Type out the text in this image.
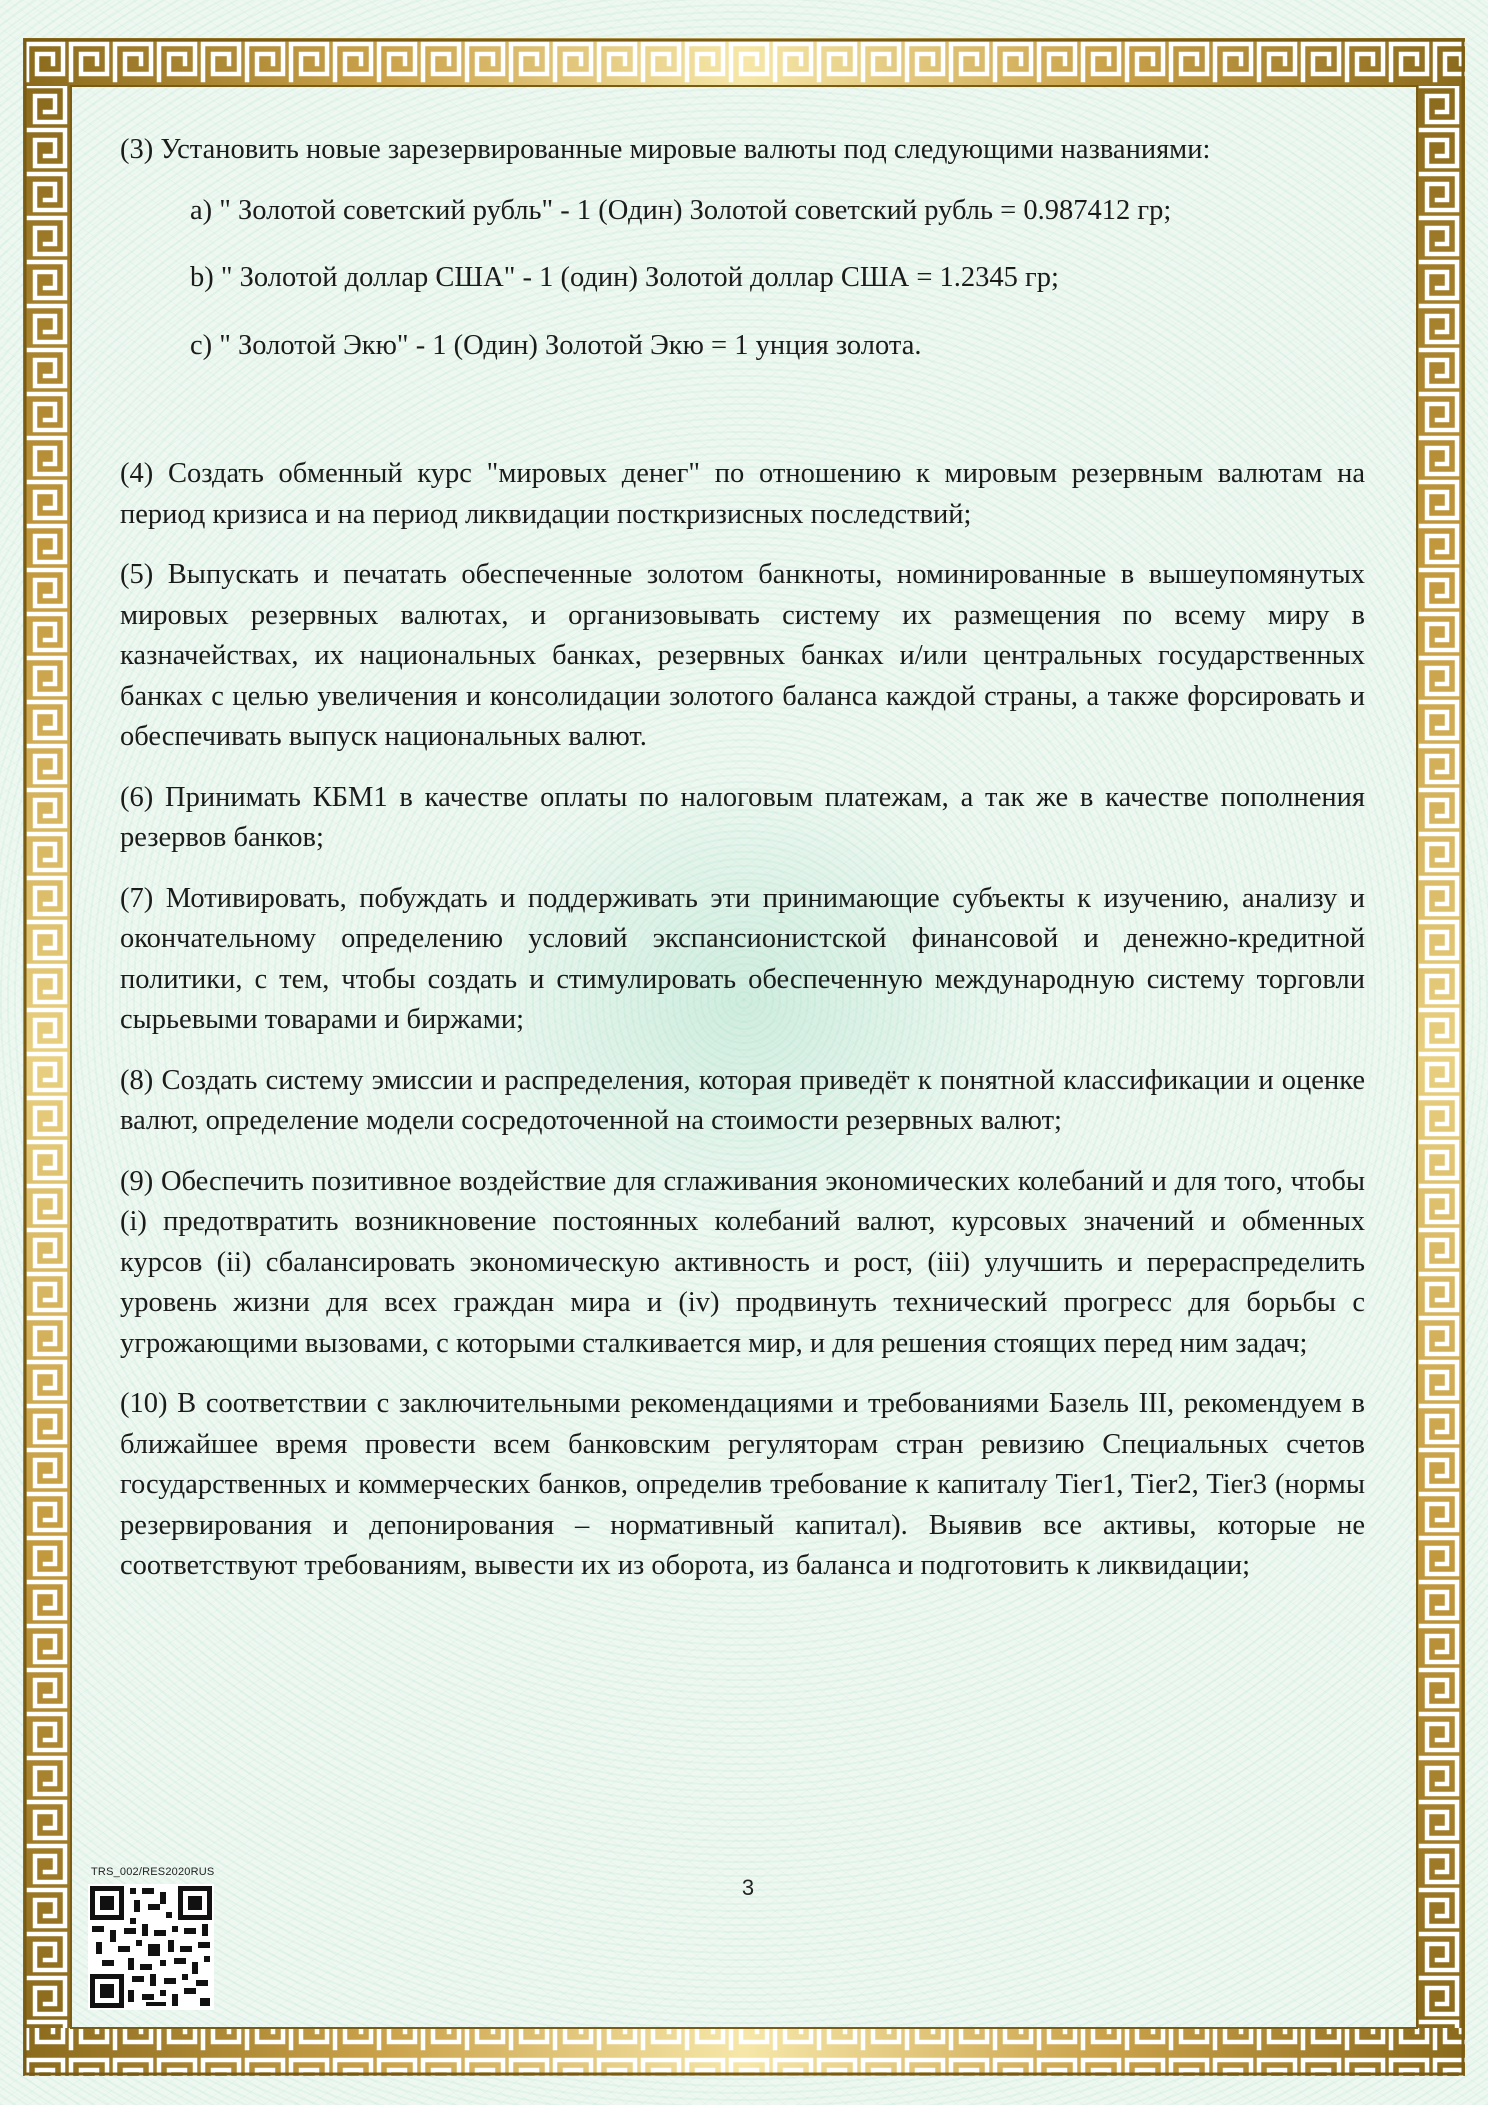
(3) Установить новые зарезервированные мировые валюты под следующими названиями:

a) " Золотой советский рубль" - 1 (Один) Золотой советский рубль = 0.987412 гр;
b) " Золотой доллар США" - 1 (один) Золотой доллар США = 1.2345 гр;
c) " Золотой Экю" - 1 (Один) Золотой Экю = 1 унция золота.

(4) Создать обменный курс "мировых денег" по отношению к мировым резервным валютам на период кризиса и на период ликвидации посткризисных последствий;

(5) Выпускать и печатать обеспеченные золотом банкноты, номинированные в вышеупомянутых мировых резервных валютах, и организовывать систему их размещения по всему миру в казначействах, их национальных банках, резервных банках и/или центральных государственных банках с целью увеличения и консолидации золотого баланса каждой страны, а также форсировать и обеспечивать выпуск национальных валют.

(6) Принимать КБМ1 в качестве оплаты по налоговым платежам, а так же в качестве пополнения резервов банков;

(7) Мотивировать, побуждать и поддерживать эти принимающие субъекты к изучению, анализу и окончательному определению условий экспансионистской финансовой и денежно-кредитной политики, с тем, чтобы создать и стимулировать обеспеченную международную систему торговли сырьевыми товарами и биржами;

(8) Создать систему эмиссии и распределения, которая приведёт к понятной классификации и оценке валют, определение модели сосредоточенной на стоимости резервных валют;

(9) Обеспечить позитивное воздействие для сглаживания экономических колебаний и для того, чтобы (i) предотвратить возникновение постоянных колебаний валют, курсовых значений и обменных курсов (ii) сбалансировать экономическую активность и рост, (iii) улучшить и перераспределить уровень жизни для всех граждан мира и (iv) продвинуть технический прогресс для борьбы с угрожающими вызовами, с которыми сталкивается мир, и для решения стоящих перед ним задач;

(10) В соответствии с заключительными рекомендациями и требованиями Базель III, рекомендуем в ближайшее время провести всем банковским регуляторам стран ревизию Специальных счетов государственных и коммерческих банков, определив требование к капиталу Tier1, Tier2, Tier3 (нормы резервирования и депонирования – нормативный капитал). Выявив все активы, которые не соответствуют требованиям, вывести их из оборота, из баланса и подготовить к ликвидации;

3
TRS_002/RES2020RUS
